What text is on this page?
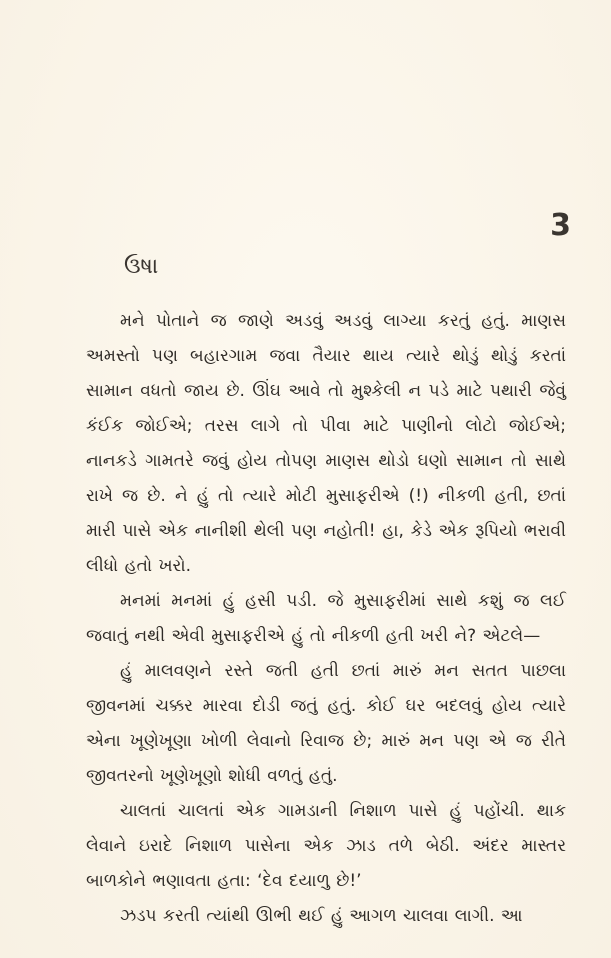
3
ઉષા

મને પોતાને જ જાણે અડવું અડવું લાગ્યા કરતું હતું. માણસ અમસ્તો પણ બહારગામ જવા તૈયાર થાય ત્યારે થોડું થોડું કરતાં સામાન વધતો જાય છે. ઊંઘ આવે તો મુશ્કેલી ન પડે માટે પથારી જેવું કંઈક જોઈએ; તરસ લાગે તો પીવા માટે પાણીનો લોટો જોઈએ; નાનકડે ગામતરે જવું હોય તોપણ માણસ થોડો ઘણો સામાન તો સાથે રાખે જ છે. ને હું તો ત્યારે મોટી મુસાફરીએ (!) નીકળી હતી, છતાં મારી પાસે એક નાનીશી થેલી પણ નહોતી! હા, કેડે એક રૂપિયો ભરાવી લીધો હતો ખરો.

મનમાં મનમાં હું હસી પડી. જે મુસાફરીમાં સાથે કશું જ લઈ જવાતું નથી એવી મુસાફરીએ હું તો નીકળી હતી ખરી ને? એટલે—

હું માલવણને રસ્તે જતી હતી છતાં મારું મન સતત પાછલા જીવનમાં ચક્કર મારવા દોડી જતું હતું. કોઈ ઘર બદલવું હોય ત્યારે એના ખૂણેખૂણા ખોળી લેવાનો રિવાજ છે; મારું મન પણ એ જ રીતે જીવતરનો ખૂણેખૂણો શોધી વળતું હતું.

ચાલતાં ચાલતાં એક ગામડાની નિશાળ પાસે હું પહોંચી. થાક લેવાને ઇરાદે નિશાળ પાસેના એક ઝાડ તળે બેઠી. અંદર માસ્તર બાળકોને ભણાવતા હતા: ‘દેવ દયાળુ છે!’

ઝડપ કરતી ત્યાંથી ઊભી થઈ હું આગળ ચાલવા લાગી. આ
